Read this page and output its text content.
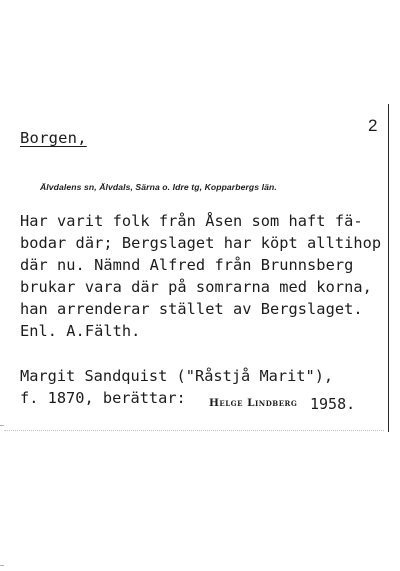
2
Borgen,
Älvdalens sn, Älvdals, Särna o. Idre tg, Kopparbergs län.
Har varit folk från Åsen som haft fä-
bodar där; Bergslaget har köpt alltihop
där nu. Nämnd Alfred från Brunnsberg
brukar vara där på somrarna med korna,
han arrenderar stället av Bergslaget.
Enl. A.Fälth.
Margit Sandquist ("Råstjå Marit"),
f. 1870, berättar: Helge Lindberg 1958.
